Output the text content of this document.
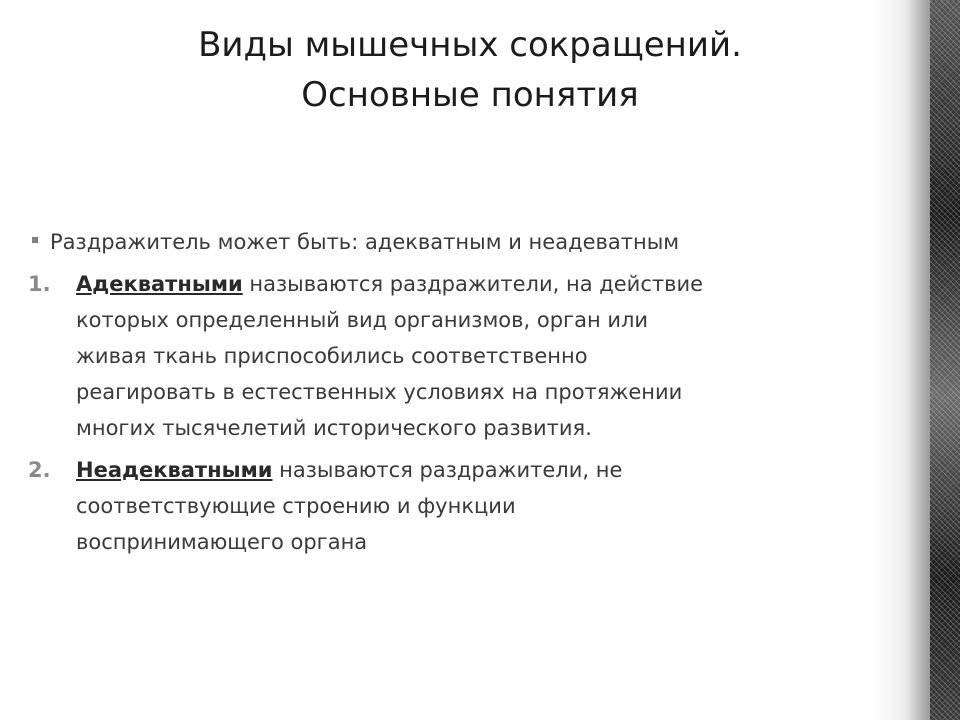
Виды мышечных сокращений.
Основные понятия

Раздражитель может быть: адекватным и неадеватным

1. Адекватными называются раздражители, на действие
которых определенный вид организмов, орган или
живая ткань приспособились соответственно
реагировать в естественных условиях на протяжении
многих тысячелетий исторического развития.
2. Неадекватными называются раздражители, не
соответствующие строению и функции
воспринимающего органа
